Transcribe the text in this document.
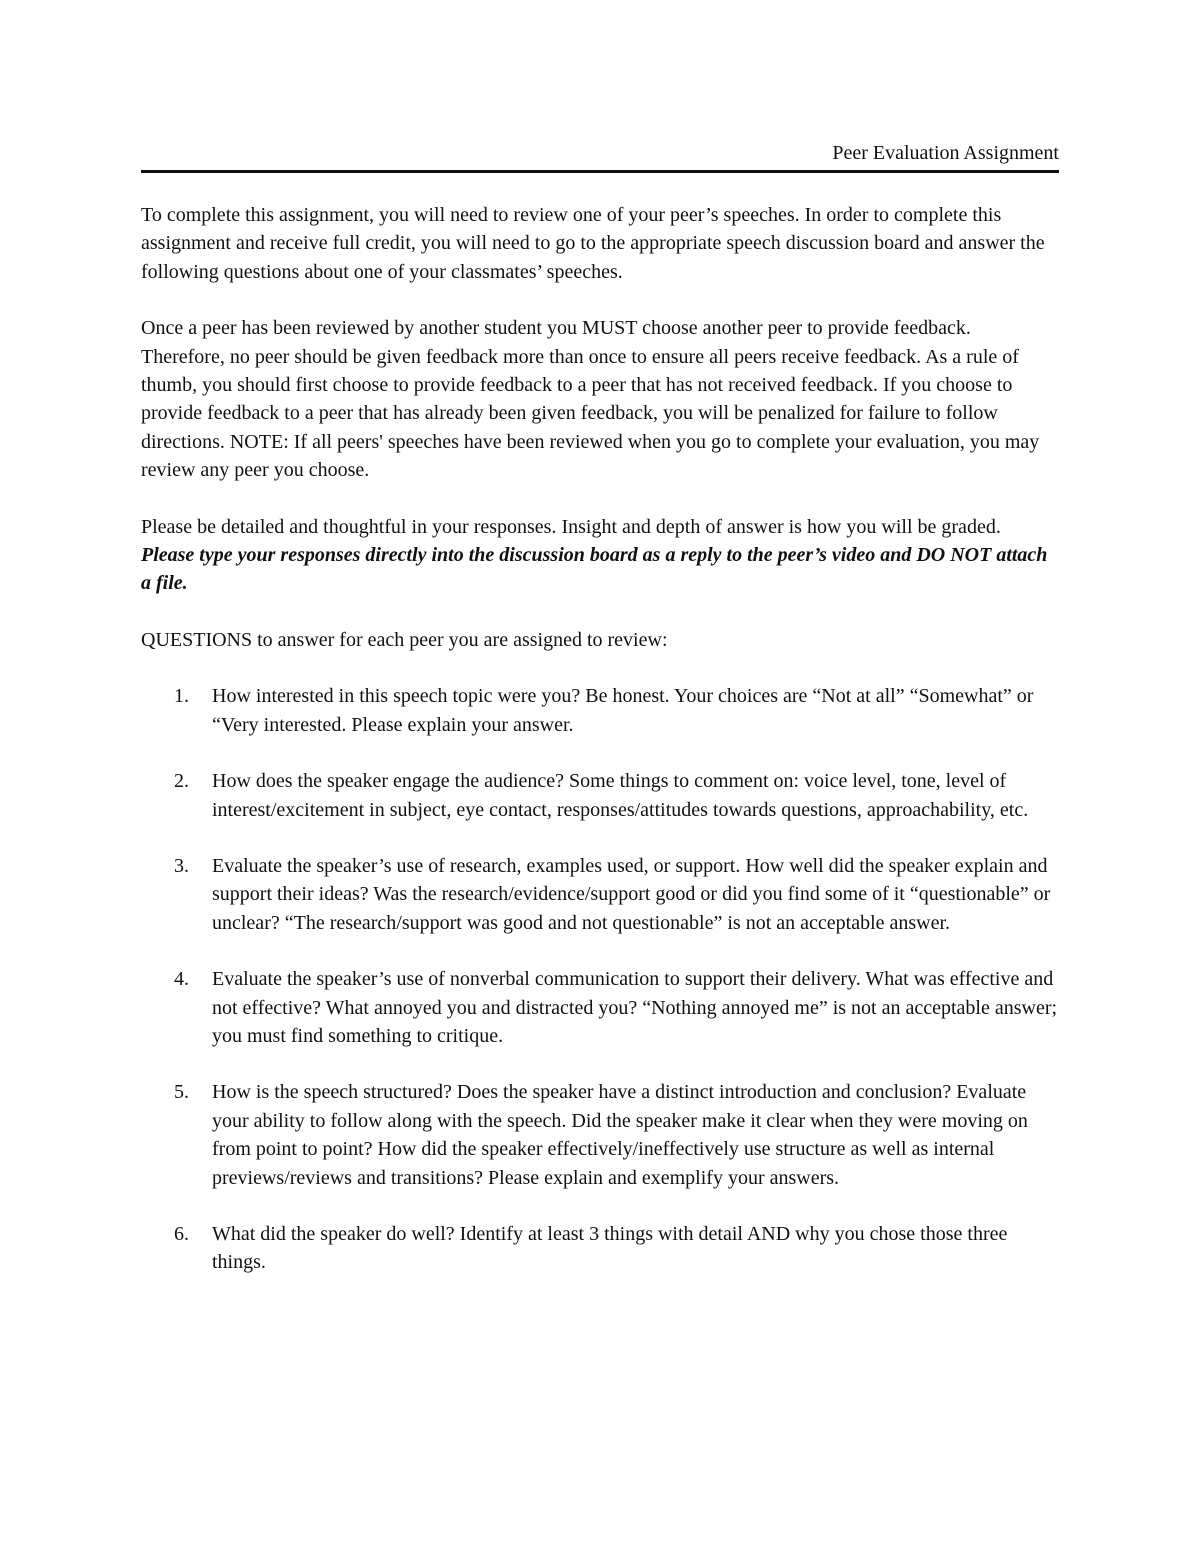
Peer Evaluation Assignment

To complete this assignment, you will need to review one of your peer’s speeches. In order to complete this assignment and receive full credit, you will need to go to the appropriate speech discussion board and answer the following questions about one of your classmates’ speeches.

Once a peer has been reviewed by another student you MUST choose another peer to provide feedback. Therefore, no peer should be given feedback more than once to ensure all peers receive feedback. As a rule of thumb, you should first choose to provide feedback to a peer that has not received feedback. If you choose to provide feedback to a peer that has already been given feedback, you will be penalized for failure to follow directions. NOTE: If all peers' speeches have been reviewed when you go to complete your evaluation, you may review any peer you choose.

Please be detailed and thoughtful in your responses. Insight and depth of answer is how you will be graded. Please type your responses directly into the discussion board as a reply to the peer’s video and DO NOT attach a file.

QUESTIONS to answer for each peer you are assigned to review:

1. How interested in this speech topic were you? Be honest. Your choices are “Not at all” “Somewhat” or “Very interested. Please explain your answer.
2. How does the speaker engage the audience? Some things to comment on: voice level, tone, level of interest/excitement in subject, eye contact, responses/attitudes towards questions, approachability, etc.
3. Evaluate the speaker’s use of research, examples used, or support. How well did the speaker explain and support their ideas? Was the research/evidence/support good or did you find some of it “questionable” or unclear? “The research/support was good and not questionable” is not an acceptable answer.
4. Evaluate the speaker’s use of nonverbal communication to support their delivery. What was effective and not effective? What annoyed you and distracted you? “Nothing annoyed me” is not an acceptable answer; you must find something to critique.
5. How is the speech structured? Does the speaker have a distinct introduction and conclusion? Evaluate your ability to follow along with the speech. Did the speaker make it clear when they were moving on from point to point? How did the speaker effectively/ineffectively use structure as well as internal previews/reviews and transitions? Please explain and exemplify your answers.
6. What did the speaker do well? Identify at least 3 things with detail AND why you chose those three things.
